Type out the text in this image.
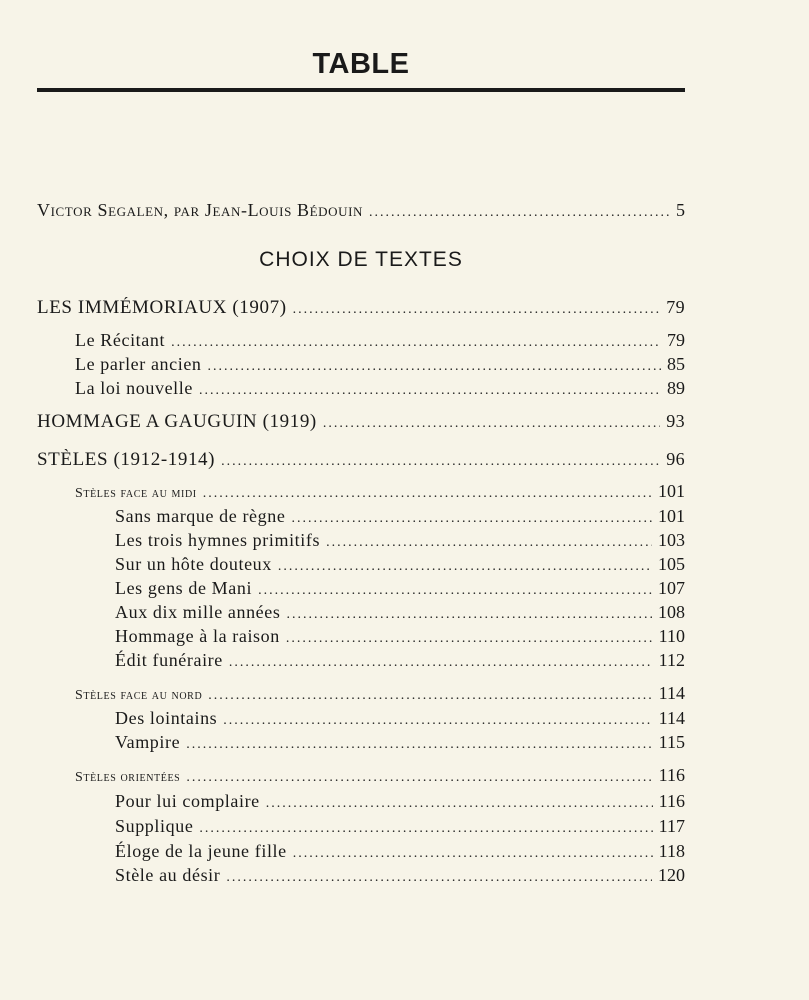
TABLE
Victor Segalen, par Jean-Louis Bédouin .....	5
CHOIX DE TEXTES
LES IMMÉMORIAUX (1907) .....	79
Le Récitant .....	79
Le parler ancien .....	85
La loi nouvelle .....	89
HOMMAGE A GAUGUIN (1919) .....	93
STÈLES (1912-1914) .....	96
Stèles face au midi .....	101
Sans marque de règne .....	101
Les trois hymnes primitifs .....	103
Sur un hôte douteux .....	105
Les gens de Mani .....	107
Aux dix mille années .....	108
Hommage à la raison .....	110
Édit funéraire .....	112
Stèles face au nord .....	114
Des lointains .....	114
Vampire .....	115
Stèles orientées .....	116
Pour lui complaire .....	116
Supplique .....	117
Éloge de la jeune fille .....	118
Stèle au désir .....	120
